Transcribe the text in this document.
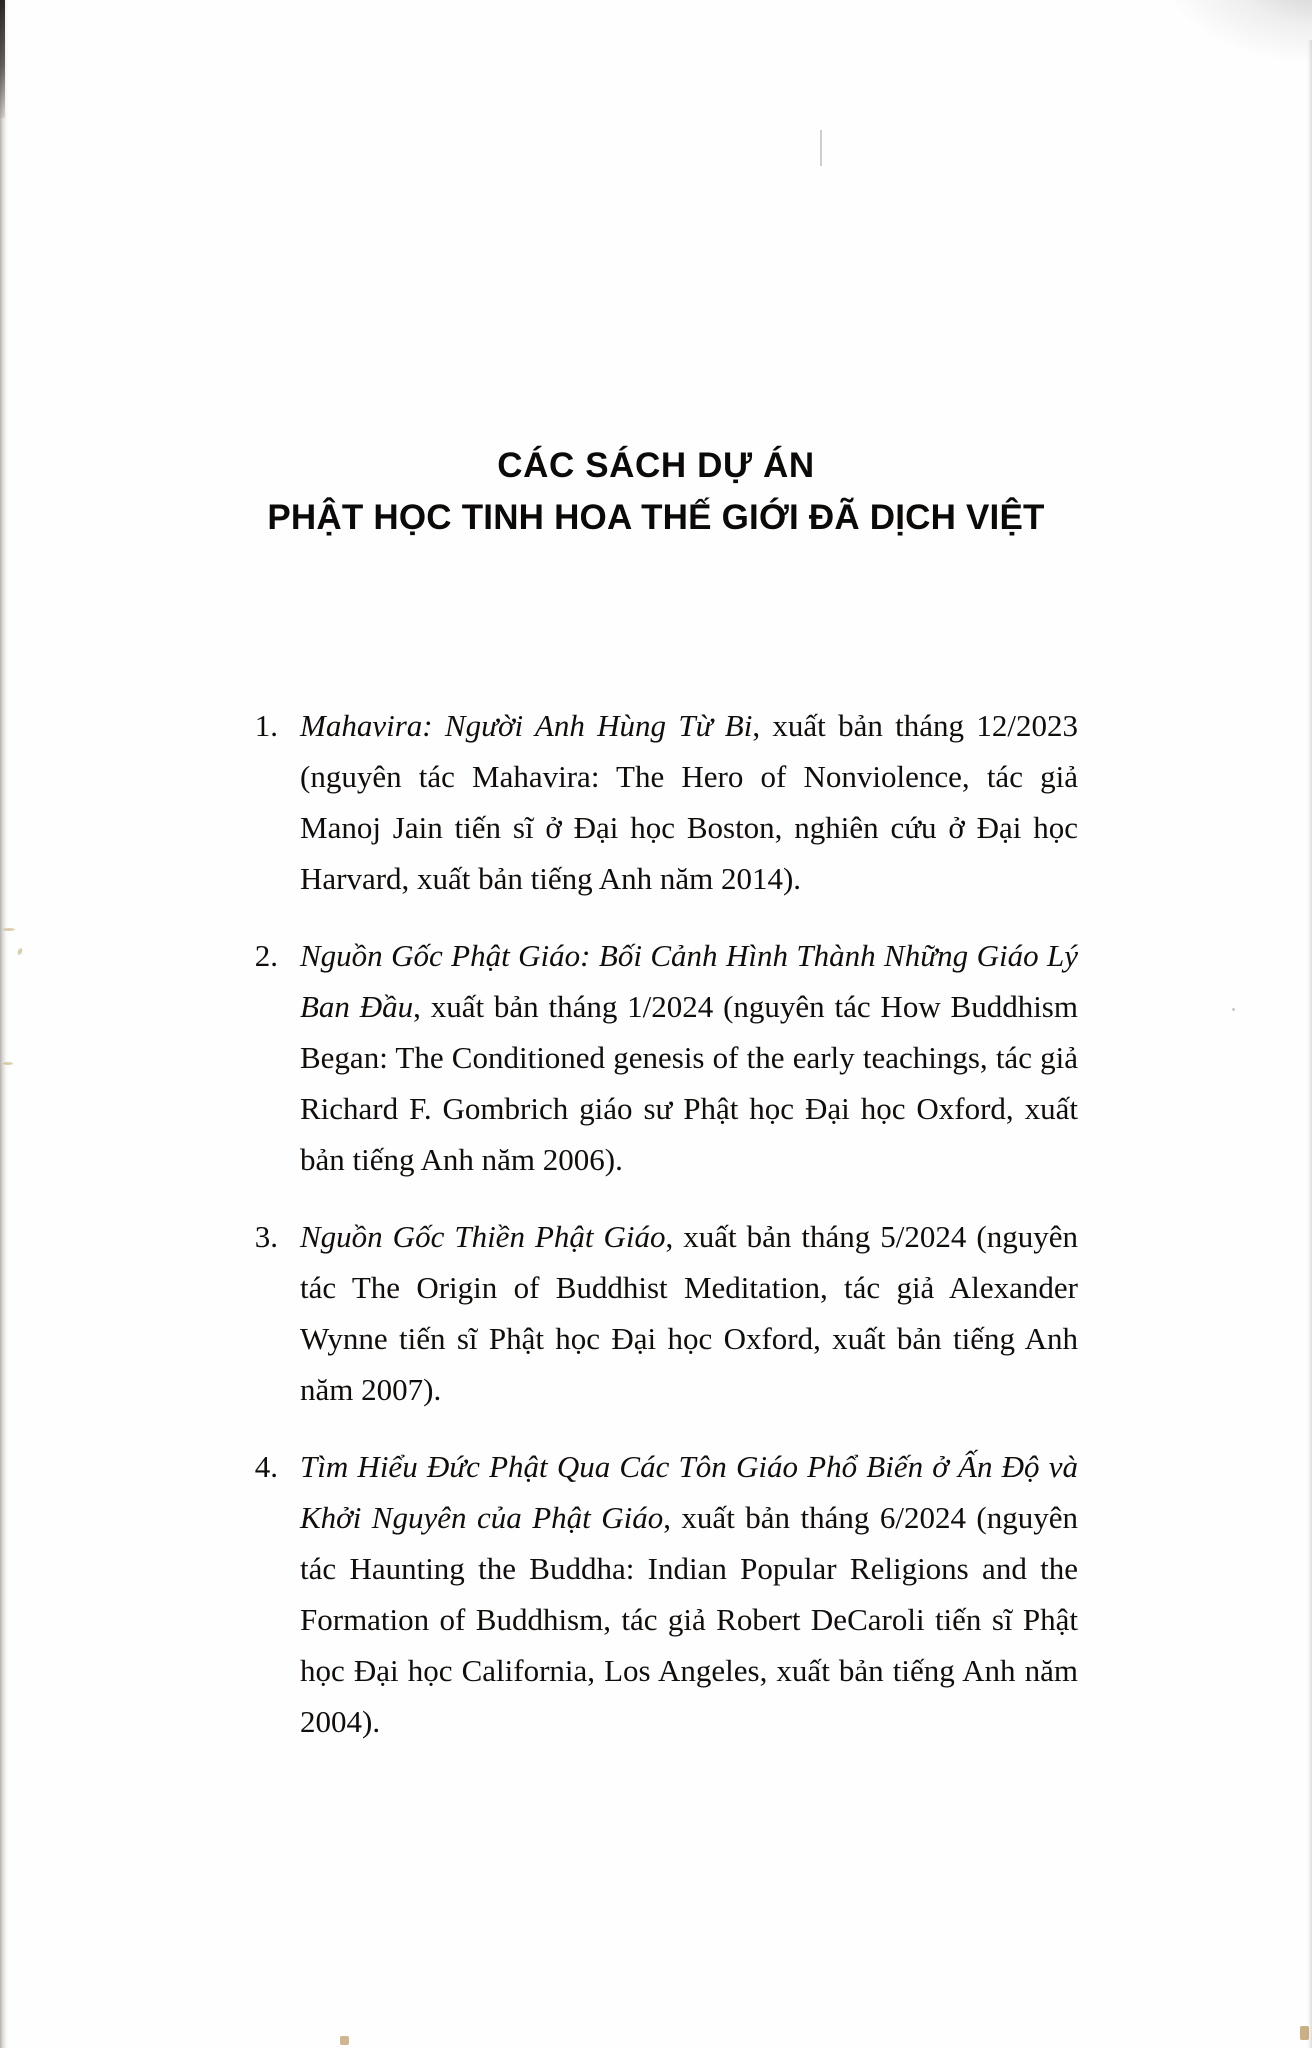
CÁC SÁCH DỰ ÁN
PHẬT HỌC TINH HOA THẾ GIỚI ĐÃ DỊCH VIỆT
1. Mahavira: Người Anh Hùng Từ Bi, xuất bản tháng 12/2023 (nguyên tác Mahavira: The Hero of Nonviolence, tác giả Manoj Jain tiến sĩ ở Đại học Boston, nghiên cứu ở Đại học Harvard, xuất bản tiếng Anh năm 2014).
2. Nguồn Gốc Phật Giáo: Bối Cảnh Hình Thành Những Giáo Lý Ban Đầu, xuất bản tháng 1/2024 (nguyên tác How Buddhism Began: The Conditioned genesis of the early teachings, tác giả Richard F. Gombrich giáo sư Phật học Đại học Oxford, xuất bản tiếng Anh năm 2006).
3. Nguồn Gốc Thiền Phật Giáo, xuất bản tháng 5/2024 (nguyên tác The Origin of Buddhist Meditation, tác giả Alexander Wynne tiến sĩ Phật học Đại học Oxford, xuất bản tiếng Anh năm 2007).
4. Tìm Hiểu Đức Phật Qua Các Tôn Giáo Phổ Biến ở Ấn Độ và Khởi Nguyên của Phật Giáo, xuất bản tháng 6/2024 (nguyên tác Haunting the Buddha: Indian Popular Religions and the Formation of Buddhism, tác giả Robert DeCaroli tiến sĩ Phật học Đại học California, Los Angeles, xuất bản tiếng Anh năm 2004).
